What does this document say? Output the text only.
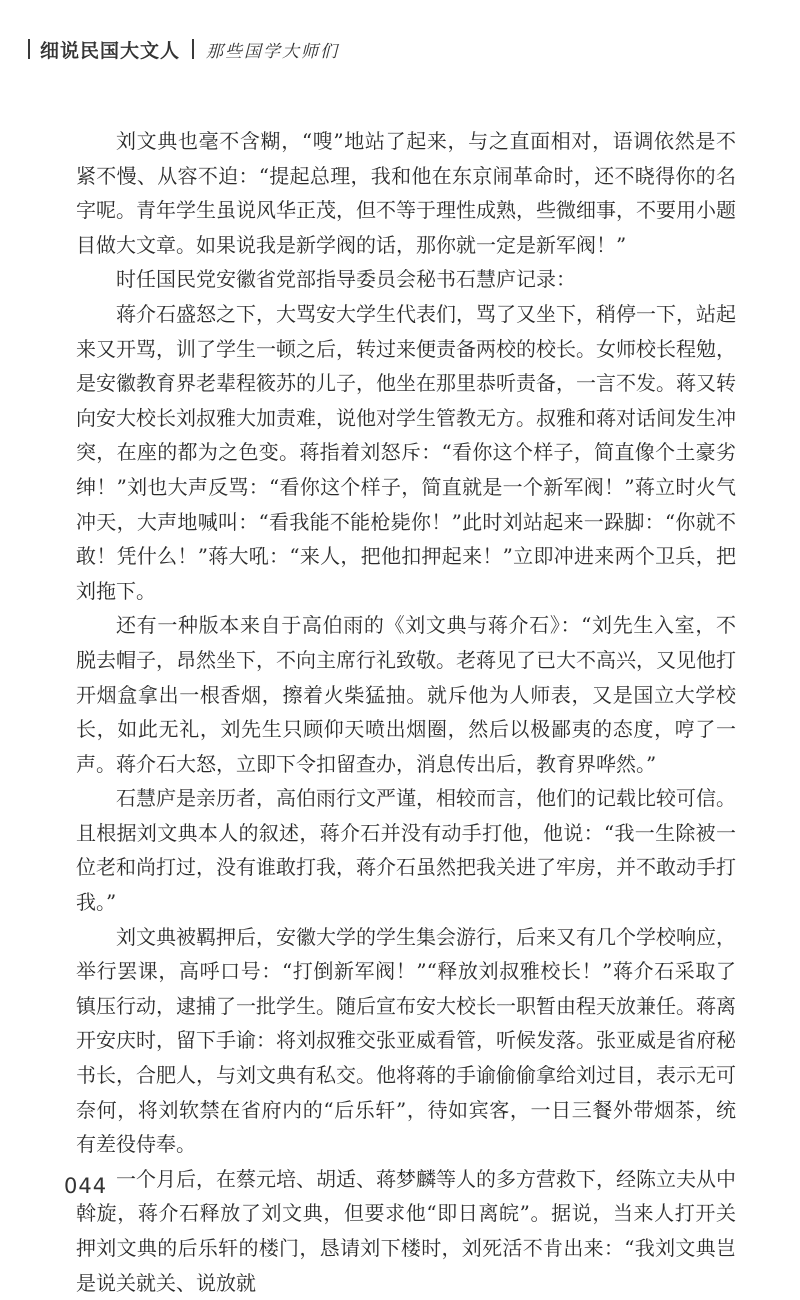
细说民国大文人 那些国学大师们

刘文典也毫不含糊，“嗖”地站了起来，与之直面相对，语调依然是不紧不慢、从容不迫：“提起总理，我和他在东京闹革命时，还不晓得你的名字呢。青年学生虽说风华正茂，但不等于理性成熟，些微细事，不要用小题目做大文章。如果说我是新学阀的话，那你就一定是新军阀！”

时任国民党安徽省党部指导委员会秘书石慧庐记录：

蒋介石盛怒之下，大骂安大学生代表们，骂了又坐下，稍停一下，站起来又开骂，训了学生一顿之后，转过来便责备两校的校长。女师校长程勉，是安徽教育界老辈程筱苏的儿子，他坐在那里恭听责备，一言不发。蒋又转向安大校长刘叔雅大加责难，说他对学生管教无方。叔雅和蒋对话间发生冲突，在座的都为之色变。蒋指着刘怒斥：“看你这个样子，简直像个土豪劣绅！”刘也大声反骂：“看你这个样子，简直就是一个新军阀！”蒋立时火气冲天，大声地喊叫：“看我能不能枪毙你！”此时刘站起来一跺脚：“你就不敢！凭什么！”蒋大吼：“来人，把他扣押起来！”立即冲进来两个卫兵，把刘拖下。

还有一种版本来自于高伯雨的《刘文典与蒋介石》：“刘先生入室，不脱去帽子，昂然坐下，不向主席行礼致敬。老蒋见了已大不高兴，又见他打开烟盒拿出一根香烟，擦着火柴猛抽。就斥他为人师表，又是国立大学校长，如此无礼，刘先生只顾仰天喷出烟圈，然后以极鄙夷的态度，哼了一声。蒋介石大怒，立即下令扣留查办，消息传出后，教育界哗然。”

石慧庐是亲历者，高伯雨行文严谨，相较而言，他们的记载比较可信。且根据刘文典本人的叙述，蒋介石并没有动手打他，他说：“我一生除被一位老和尚打过，没有谁敢打我，蒋介石虽然把我关进了牢房，并不敢动手打我。”

刘文典被羁押后，安徽大学的学生集会游行，后来又有几个学校响应，举行罢课，高呼口号：“打倒新军阀！”“释放刘叔雅校长！”蒋介石采取了镇压行动，逮捕了一批学生。随后宣布安大校长一职暂由程天放兼任。蒋离开安庆时，留下手谕：将刘叔雅交张亚威看管，听候发落。张亚威是省府秘书长，合肥人，与刘文典有私交。他将蒋的手谕偷偷拿给刘过目，表示无可奈何，将刘软禁在省府内的“后乐轩”，待如宾客，一日三餐外带烟茶，统有差役侍奉。

一个月后，在蔡元培、胡适、蒋梦麟等人的多方营救下，经陈立夫从中斡旋，蒋介石释放了刘文典，但要求他“即日离皖”。据说，当来人打开关押刘文典的后乐轩的楼门，恳请刘下楼时，刘死活不肯出来：“我刘文典岂是说关就关、说放就

044
